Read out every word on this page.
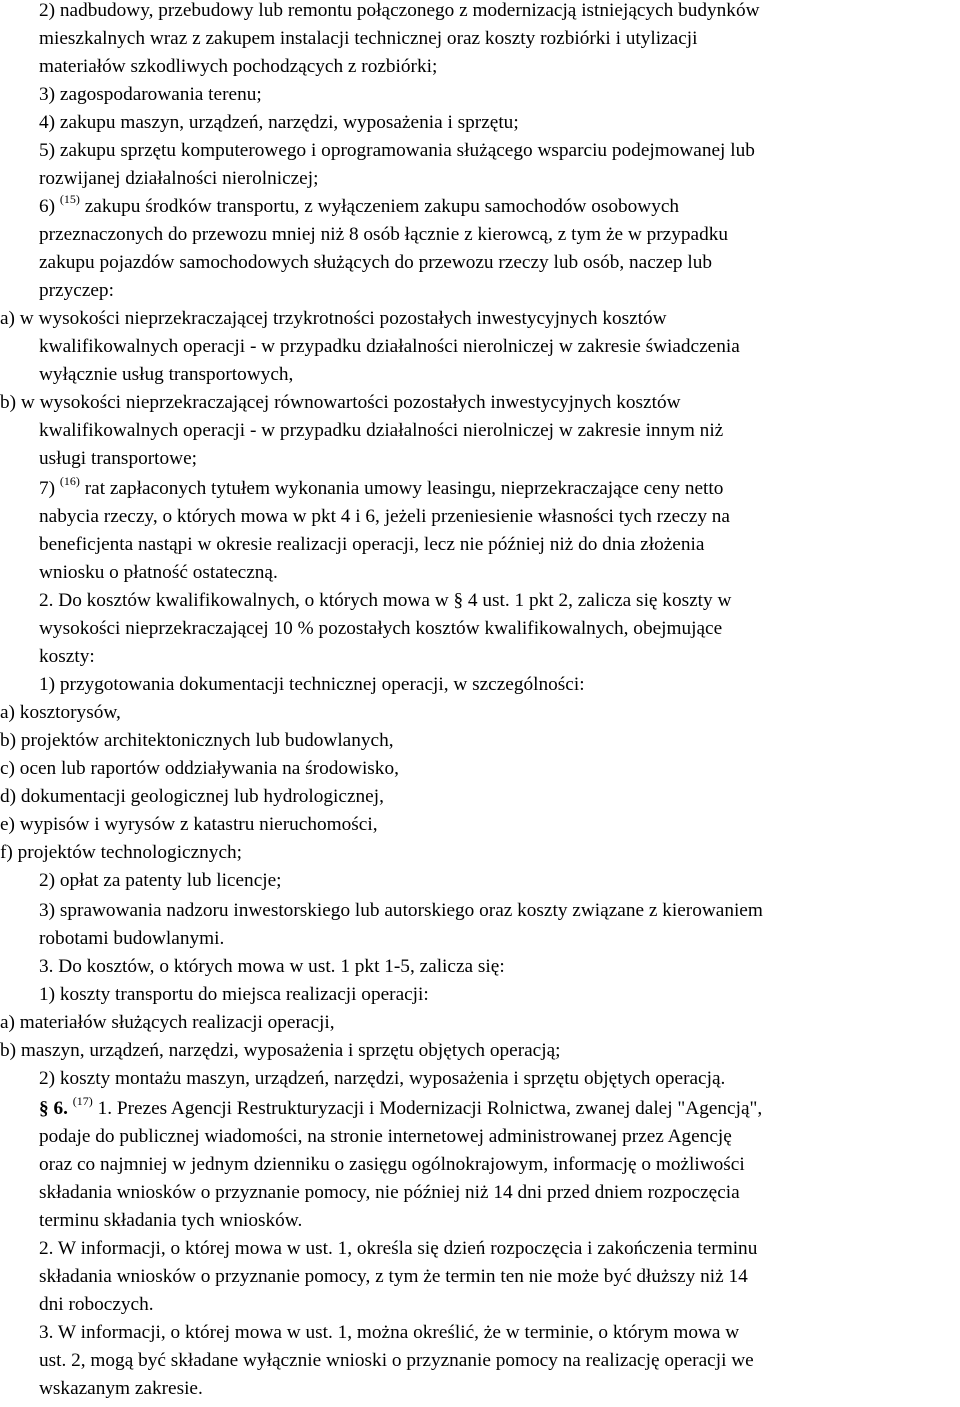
2) nadbudowy, przebudowy lub remontu połączonego z modernizacją istniejących budynków
mieszkalnych wraz z zakupem instalacji technicznej oraz koszty rozbiórki i utylizacji
materiałów szkodliwych pochodzących z rozbiórki;
3) zagospodarowania terenu;
4) zakupu maszyn, urządzeń, narzędzi, wyposażenia i sprzętu;
5) zakupu sprzętu komputerowego i oprogramowania służącego wsparciu podejmowanej lub
rozwijanej działalności nierolniczej;
6) $^{(15)}$ zakupu środków transportu, z wyłączeniem zakupu samochodów osobowych
przeznaczonych do przewozu mniej niż 8 osób łącznie z kierowcą, z tym że w przypadku
zakupu pojazdów samochodowych służących do przewozu rzeczy lub osób, naczep lub
przyczep:
a) w wysokości nieprzekraczającej trzykrotności pozostałych inwestycyjnych kosztów
kwalifikowalnych operacji - w przypadku działalności nierolniczej w zakresie świadczenia
wyłącznie usług transportowych,
b) w wysokości nieprzekraczającej równowartości pozostałych inwestycyjnych kosztów
kwalifikowalnych operacji - w przypadku działalności nierolniczej w zakresie innym niż
usługi transportowe;
7) $^{(16)}$ rat zapłaconych tytułem wykonania umowy leasingu, nieprzekraczające ceny netto
nabycia rzeczy, o których mowa w pkt 4 i 6, jeżeli przeniesienie własności tych rzeczy na
beneficjenta nastąpi w okresie realizacji operacji, lecz nie później niż do dnia złożenia
wniosku o płatność ostateczną.
2. Do kosztów kwalifikowalnych, o których mowa w § 4 ust. 1 pkt 2, zalicza się koszty w
wysokości nieprzekraczającej 10 % pozostałych kosztów kwalifikowalnych, obejmujące
koszty:
1) przygotowania dokumentacji technicznej operacji, w szczególności:
a) kosztorysów,
b) projektów architektonicznych lub budowlanych,
c) ocen lub raportów oddziaływania na środowisko,
d) dokumentacji geologicznej lub hydrologicznej,
e) wypisów i wyrysów z katastru nieruchomości,
f) projektów technologicznych;
2) opłat za patenty lub licencje;
3) sprawowania nadzoru inwestorskiego lub autorskiego oraz koszty związane z kierowaniem
robotami budowlanymi.
3. Do kosztów, o których mowa w ust. 1 pkt 1-5, zalicza się:
1) koszty transportu do miejsca realizacji operacji:
a) materiałów służących realizacji operacji,
b) maszyn, urządzeń, narzędzi, wyposażenia i sprzętu objętych operacją;
2) koszty montażu maszyn, urządzeń, narzędzi, wyposażenia i sprzętu objętych operacją.
§ 6. $^{(17)}$ 1. Prezes Agencji Restrukturyzacji i Modernizacji Rolnictwa, zwanej dalej "Agencją",
podaje do publicznej wiadomości, na stronie internetowej administrowanej przez Agencję
oraz co najmniej w jednym dzienniku o zasięgu ogólnokrajowym, informację o możliwości
składania wniosków o przyznanie pomocy, nie później niż 14 dni przed dniem rozpoczęcia
terminu składania tych wniosków.
2. W informacji, o której mowa w ust. 1, określa się dzień rozpoczęcia i zakończenia terminu
składania wniosków o przyznanie pomocy, z tym że termin ten nie może być dłuższy niż 14
dni roboczych.
3. W informacji, o której mowa w ust. 1, można określić, że w terminie, o którym mowa w
ust. 2, mogą być składane wyłącznie wnioski o przyznanie pomocy na realizację operacji we
wskazanym zakresie.
